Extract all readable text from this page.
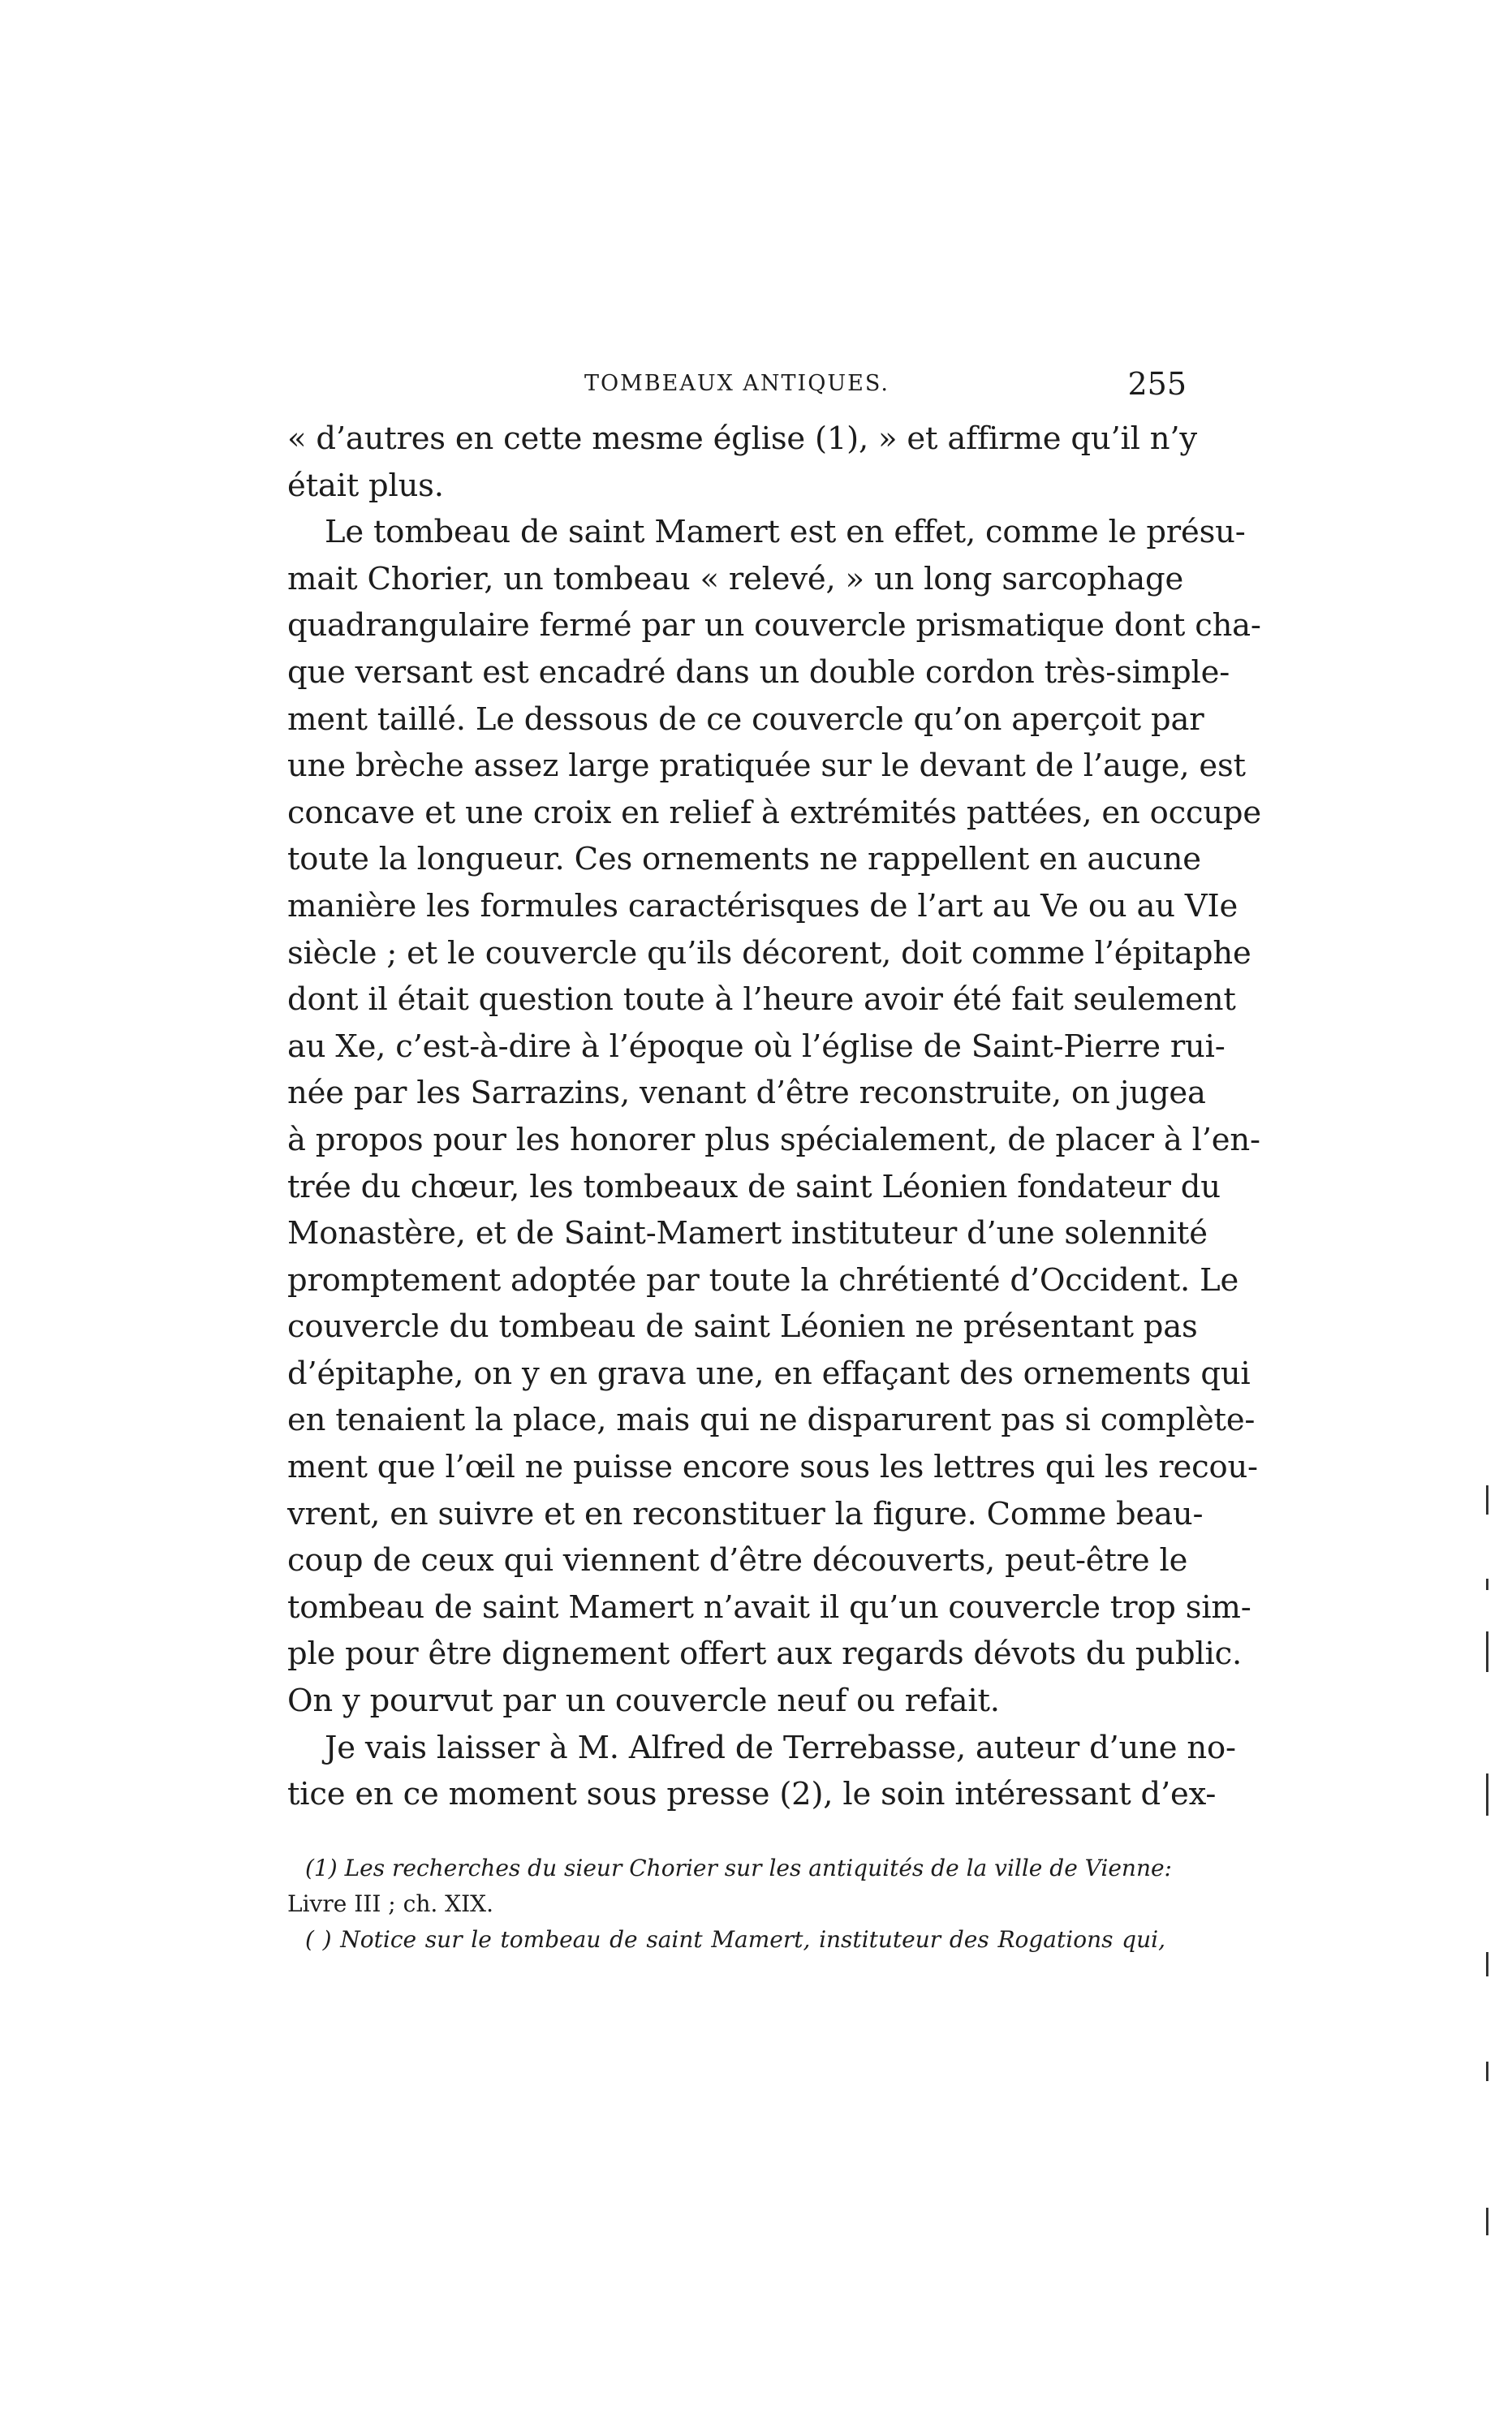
TOMBEAUX ANTIQUES.	255
« d’autres en cette mesme église (1), » et affirme qu’il n’y
était plus.
Le tombeau de saint Mamert est en effet, comme le présu-
mait Chorier, un tombeau « relevé, » un long sarcophage
quadrangulaire fermé par un couvercle prismatique dont cha-
que versant est encadré dans un double cordon très-simple-
ment taillé. Le dessous de ce couvercle qu’on aperçoit par
une brèche assez large pratiquée sur le devant de l’auge, est
concave et une croix en relief à extrémités pattées, en occupe
toute la longueur. Ces ornements ne rappellent en aucune
manière les formules caractérisques de l’art au Ve ou au VIe
siècle ; et le couvercle qu’ils décorent, doit comme l’épitaphe
dont il était question toute à l’heure avoir été fait seulement
au Xe, c’est-à-dire à l’époque où l’église de Saint-Pierre rui-
née par les Sarrazins, venant d’être reconstruite, on jugea
à propos pour les honorer plus spécialement, de placer à l’en-
trée du chœur, les tombeaux de saint Léonien fondateur du
Monastère, et de Saint-Mamert instituteur d’une solennité
promptement adoptée par toute la chrétienté d’Occident. Le
couvercle du tombeau de saint Léonien ne présentant pas
d’épitaphe, on y en grava une, en effaçant des ornements qui
en tenaient la place, mais qui ne disparurent pas si complète-
ment que l’œil ne puisse encore sous les lettres qui les recou-
vrent, en suivre et en reconstituer la figure. Comme beau-
coup de ceux qui viennent d’être découverts, peut-être le
tombeau de saint Mamert n’avait il qu’un couvercle trop sim-
ple pour être dignement offert aux regards dévots du public.
On y pourvut par un couvercle neuf ou refait.
Je vais laisser à M. Alfred de Terrebasse, auteur d’une no-
tice en ce moment sous presse (2), le soin intéressant d’ex-
(1) Les recherches du sieur Chorier sur les antiquités de la ville de Vienne:
Livre III ; ch. XIX.
( ) Notice sur le tombeau de saint Mamert, instituteur des Rogations qui,
